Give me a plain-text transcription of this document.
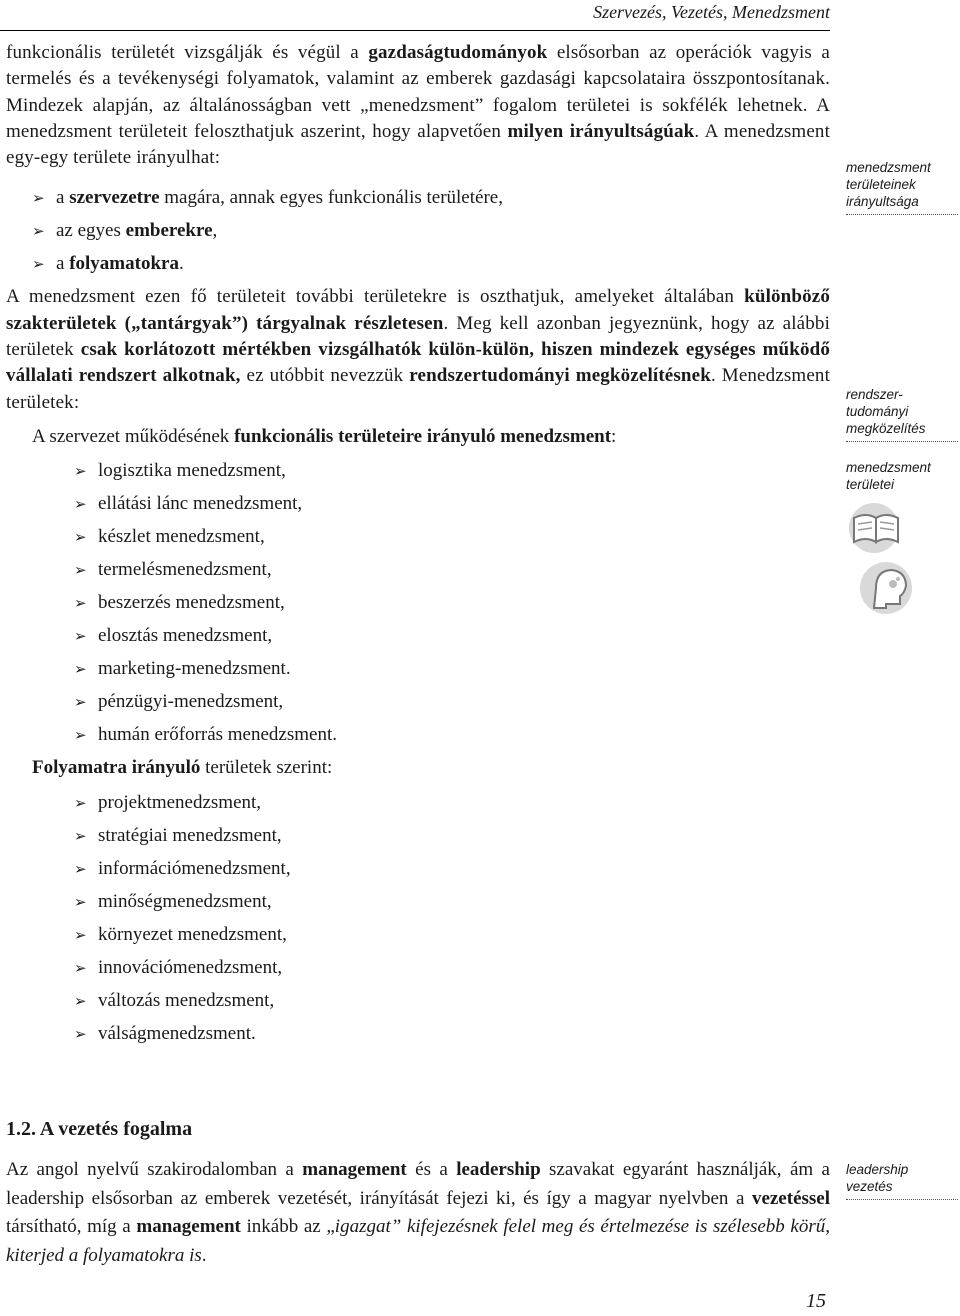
Szervezés, Vezetés, Menedzsment

funkcionális területét vizsgálják és végül a gazdaságtudományok elsősorban az operációk vagyis a termelés és a tevékenységi folyamatok, valamint az emberek gazdasági kapcsolataira összpontosítanak. Mindezek alapján, az általánosságban vett „menedzsment” fogalom területei is sokfélék lehetnek. A menedzsment területeit feloszthatjuk aszerint, hogy alapvetően milyen irányultságúak. A menedzsment egy-egy területe irányulhat:

➢ a szervezetre magára, annak egyes funkcionális területére,
➢ az egyes emberekre,
➢ a folyamatokra.

A menedzsment ezen fő területeit további területekre is oszthatjuk, amelyeket általában különböző szakterületek („tantárgyak”) tárgyalnak részletesen. Meg kell azonban jegyeznünk, hogy az alábbi területek csak korlátozott mértékben vizsgálhatók külön-külön, hiszen mindezek egységes működő vállalati rendszert alkotnak, ez utóbbit nevezzük rendszertudományi megközelítésnek. Menedzsment területek:

A szervezet működésének funkcionális területeire irányuló menedzsment:

➢ logisztika menedzsment,
➢ ellátási lánc menedzsment,
➢ készlet menedzsment,
➢ termelésmenedzsment,
➢ beszerzés menedzsment,
➢ elosztás menedzsment,
➢ marketing-menedzsment.
➢ pénzügyi-menedzsment,
➢ humán erőforrás menedzsment.

Folyamatra irányuló területek szerint:

➢ projektmenedzsment,
➢ stratégiai menedzsment,
➢ információmenedzsment,
➢ minőségmenedzsment,
➢ környezet menedzsment,
➢ innovációmenedzsment,
➢ változás menedzsment,
➢ válságmenedzsment.
1.2. A vezetés fogalma

Az angol nyelvű szakirodalomban a management és a leadership szavakat egyaránt használják, ám a leadership elsősorban az emberek vezetését, irányítását fejezi ki, és így a magyar nyelvben a vezetéssel társítható, míg a management inkább az „igazgat” kifejezésnek felel meg és értelmezése is szélesebb körű, kiterjed a folyamatokra is.

menedzsment
területeinek
irányultsága
rendszer-
tudományi
megközelítés
menedzsment
területei
leadership
vezetés
15
